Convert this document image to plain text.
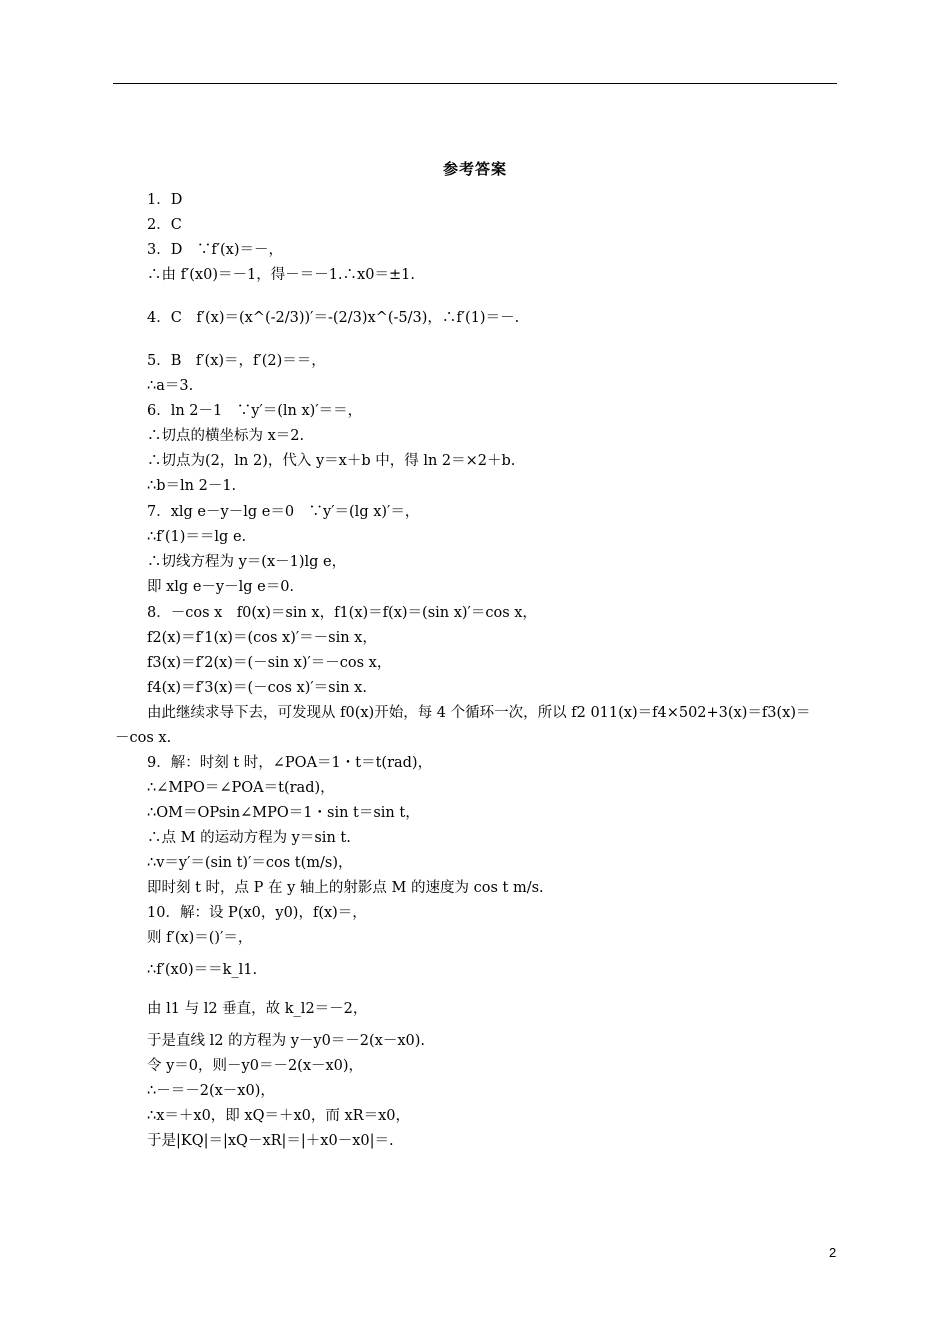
参考答案
1．D
2．C
3．D　∵f′(x)＝－，
∴由 f′(x0)＝－1，得－＝－1.∴x0＝±1.
4．C　f′(x)＝(x^(-2/3))′＝-(2/3)x^(-5/3)，∴f′(1)＝－.
5．B　f′(x)＝，f′(2)＝＝，
∴a＝3.
6．ln 2－1　∵y′＝(ln x)′＝＝，
∴切点的横坐标为 x＝2.
∴切点为(2，ln 2)，代入 y＝x＋b 中，得 ln 2＝×2＋b.
∴b＝ln 2－1.
7．xlg e－y－lg e＝0　∵y′＝(lg x)′＝，
∴f′(1)＝＝lg e.
∴切线方程为 y＝(x－1)lg e，
即 xlg e－y－lg e＝0.
8．－cos x　f0(x)＝sin x，f1(x)＝f(x)＝(sin x)′＝cos x，
f2(x)＝f′1(x)＝(cos x)′＝－sin x，
f3(x)＝f′2(x)＝(－sin x)′＝－cos x，
f4(x)＝f′3(x)＝(－cos x)′＝sin x.
由此继续求导下去，可发现从 f0(x)开始，每 4 个循环一次，所以 f2 011(x)＝f4×502+3(x)＝f3(x)＝
－cos x.
9．解：时刻 t 时，∠POA＝1・t＝t(rad)，
∴∠MPO＝∠POA＝t(rad)，
∴OM＝OPsin∠MPO＝1・sin t＝sin t，
∴点 M 的运动方程为 y＝sin t.
∴v＝y′＝(sin t)′＝cos t(m/s)，
即时刻 t 时，点 P 在 y 轴上的射影点 M 的速度为 cos t m/s.
10．解：设 P(x0，y0)，f(x)＝，
则 f′(x)＝()′＝，
∴f′(x0)＝＝k_l1.
由 l1 与 l2 垂直，故 k_l2＝－2，
于是直线 l2 的方程为 y－y0＝－2(x－x0).
令 y＝0，则－y0＝－2(x－x0)，
∴－＝－2(x－x0)，
∴x＝＋x0，即 xQ＝＋x0，而 xR＝x0，
于是|KQ|＝|xQ－xR|＝|＋x0－x0|＝.
2
